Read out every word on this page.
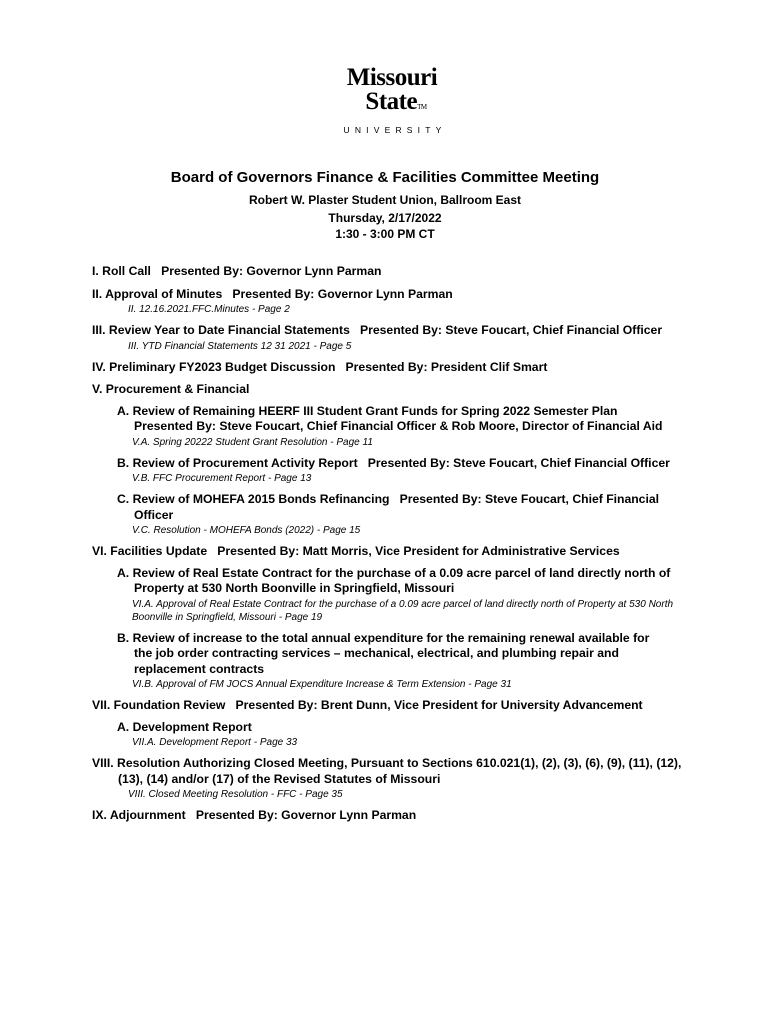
Missouri
StateTM
UNIVERSITY
Board of Governors Finance & Facilities Committee Meeting
Robert W. Plaster Student Union, Ballroom East
Thursday, 2/17/2022
1:30 - 3:00 PM CT
I. Roll Call   Presented By: Governor Lynn Parman
II. Approval of Minutes   Presented By: Governor Lynn Parman
II. 12.16.2021.FFC.Minutes - Page 2
III. Review Year to Date Financial Statements   Presented By: Steve Foucart, Chief Financial Officer
III. YTD Financial Statements 12 31 2021 - Page 5
IV. Preliminary FY2023 Budget Discussion   Presented By: President Clif Smart
V. Procurement & Financial
A. Review of Remaining HEERF III Student Grant Funds for Spring 2022 Semester Plan
Presented By: Steve Foucart, Chief Financial Officer & Rob Moore, Director of Financial Aid
V.A. Spring 20222 Student Grant Resolution - Page 11
B. Review of Procurement Activity Report   Presented By: Steve Foucart, Chief Financial Officer
V.B. FFC Procurement Report - Page 13
C. Review of MOHEFA 2015 Bonds Refinancing   Presented By: Steve Foucart, Chief Financial
Officer
V.C. Resolution - MOHEFA Bonds (2022) - Page 15
VI. Facilities Update   Presented By: Matt Morris, Vice President for Administrative Services
A. Review of Real Estate Contract for the purchase of a 0.09 acre parcel of land directly north of
Property at 530 North Boonville in Springfield, Missouri
VI.A. Approval of Real Estate Contract for the purchase of a 0.09 acre parcel of land directly north of Property at 530 North
Boonville in Springfield, Missouri - Page 19
B. Review of increase to the total annual expenditure for the remaining renewal available for
the job order contracting services – mechanical, electrical, and plumbing repair and
replacement contracts
VI.B. Approval of FM JOCS Annual Expenditure Increase & Term Extension - Page 31
VII. Foundation Review   Presented By: Brent Dunn, Vice President for University Advancement
A. Development Report
VII.A. Development Report - Page 33
VIII. Resolution Authorizing Closed Meeting, Pursuant to Sections 610.021(1), (2), (3), (6), (9), (11), (12),
(13), (14) and/or (17) of the Revised Statutes of Missouri
VIII. Closed Meeting Resolution - FFC - Page 35
IX. Adjournment   Presented By: Governor Lynn Parman
